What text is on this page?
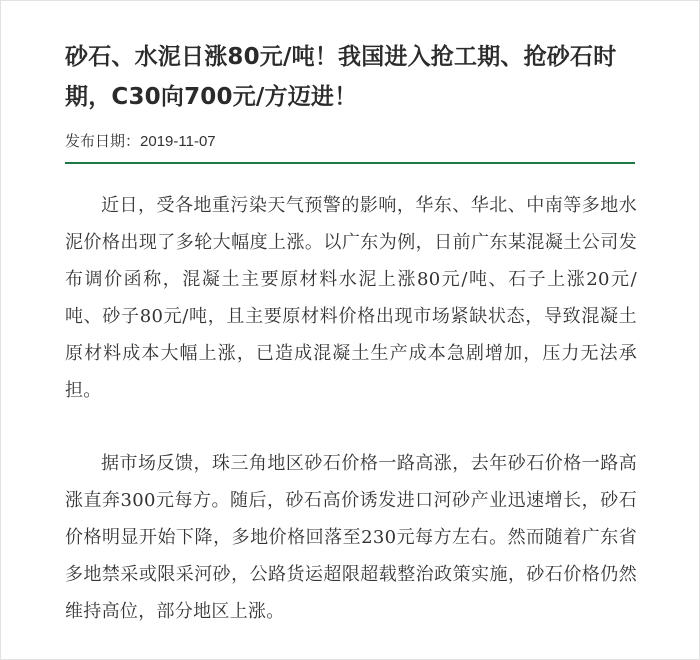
砂石、水泥日涨80元/吨！我国进入抢工期、抢砂石时期，C30向700元/方迈进！
发布日期：2019-11-07

近日，受各地重污染天气预警的影响，华东、华北、中南等多地水泥价格出现了多轮大幅度上涨。以广东为例，日前广东某混凝土公司发布调价函称，混凝土主要原材料水泥上涨80元/吨、石子上涨20元/吨、砂子80元/吨，且主要原材料价格出现市场紧缺状态，导致混凝土原材料成本大幅上涨，已造成混凝土生产成本急剧增加，压力无法承担。

据市场反馈，珠三角地区砂石价格一路高涨，去年砂石价格一路高涨直奔300元每方。随后，砂石高价诱发进口河砂产业迅速增长，砂石价格明显开始下降，多地价格回落至230元每方左右。然而随着广东省多地禁采或限采河砂，公路货运超限超载整治政策实施，砂石价格仍然维持高位，部分地区上涨。
